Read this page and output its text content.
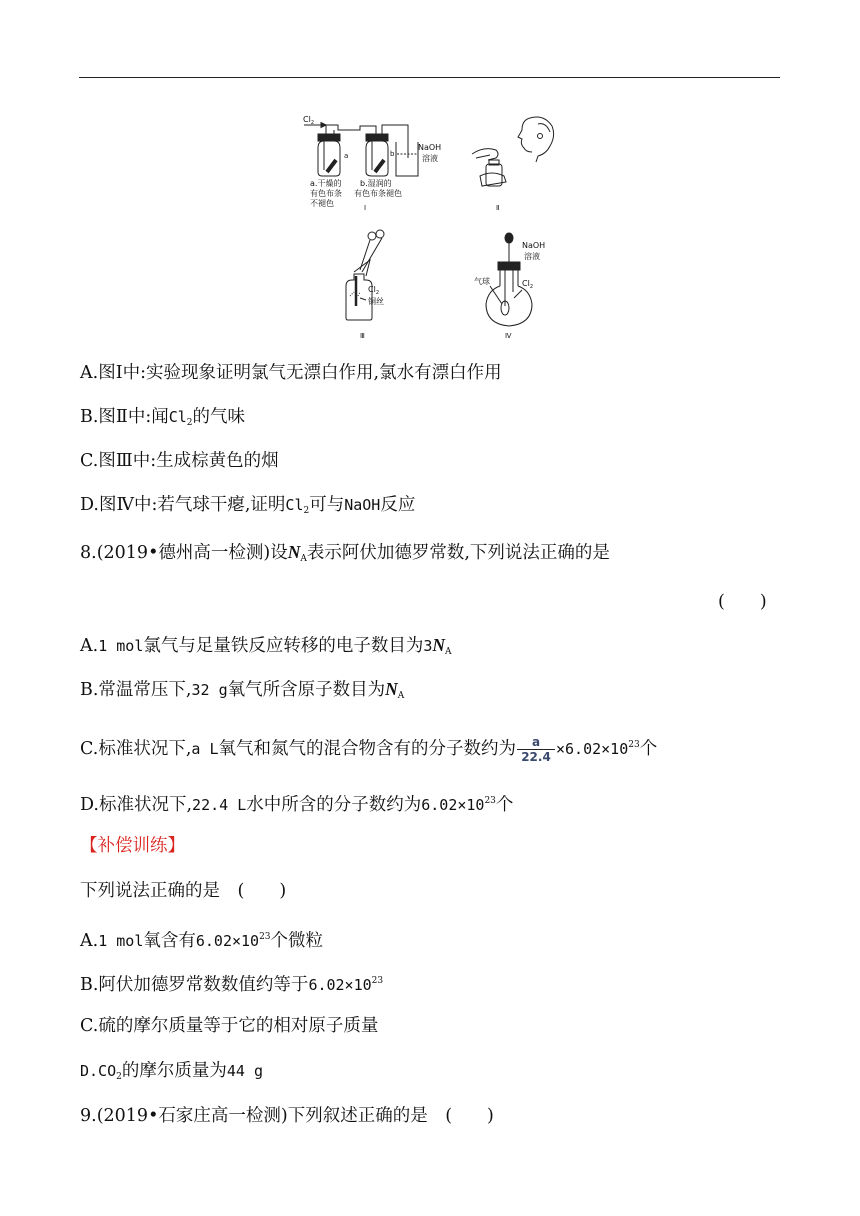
$Cl_2$
a	b
NaOH
溶液
a.干燥的
有色布条
不褪色
b.湿润的
有色布条褪色
Ⅰ	Ⅱ
$Cl_2$
铜丝
Ⅲ
NaOH
溶液
气球	$Cl_2$
Ⅳ
A.图Ⅰ中:实验现象证明氯气无漂白作用,氯水有漂白作用
B.图Ⅱ中:闻$Cl_2$的气味
C.图Ⅲ中:生成棕黄色的烟
D.图Ⅳ中:若气球干瘪,证明$Cl_2$可与NaOH反应
8.(2019•德州高一检测)设$N_A$表示阿伏加德罗常数,下列说法正确的是
(　　)
A.1 mol氯气与足量铁反应转移的电子数目为$3N_A$
B.常温常压下,32 g氧气所含原子数目为$N_A$
C.标准状况下,a L氧气和氮气的混合物含有的分子数约为 $\frac{a}{22.4} \times 6.02\times 10^{23}$个
D.标准状况下,22.4 L水中所含的分子数约为$6.02\times 10^{23}$个
【补偿训练】
下列说法正确的是　(　　)
A.1 mol氧含有$6.02\times 10^{23}$个微粒
B.阿伏加德罗常数数值约等于$6.02\times 10^{23}$
C.硫的摩尔质量等于它的相对原子质量
$D.CO_2$的摩尔质量为44 g
9.(2019•石家庄高一检测)下列叙述正确的是　(　　)
